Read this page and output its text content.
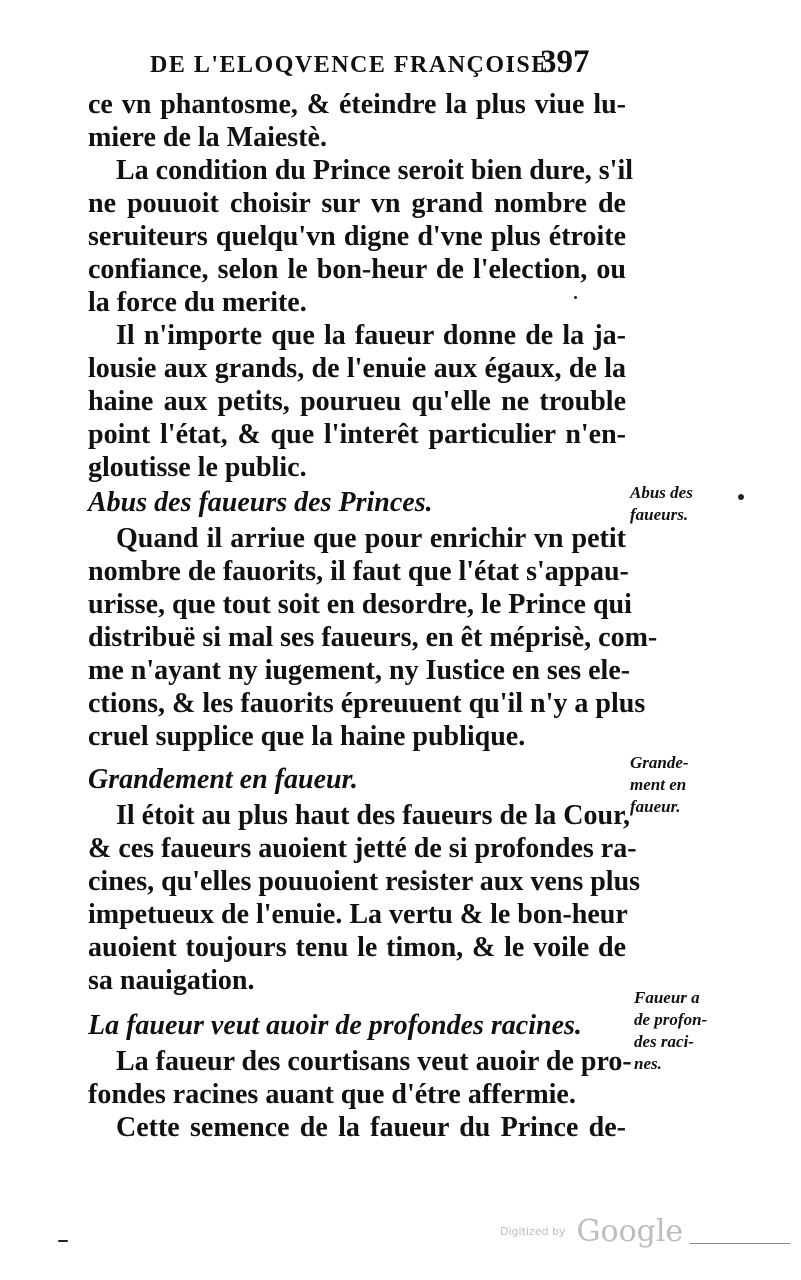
DE L'ELOQVENCE FRANÇOISE.
397
ce vn phantosme, & éteindre la plus viue lu-
miere de la Maiestè.
La condition du Prince seroit bien dure, s'il
ne pouuoit choisir sur vn grand nombre de
seruiteurs quelqu'vn digne d'vne plus étroite
confiance, selon le bon-heur de l'election, ou
la force du merite.
Il n'importe que la faueur donne de la ja-
lousie aux grands, de l'enuie aux égaux, de la
haine aux petits, pourueu qu'elle ne trouble
point l'état, & que l'interêt particulier n'en-
gloutisse le public.
Abus des faueurs des Princes.
Quand il arriue que pour enrichir vn petit
nombre de fauorits, il faut que l'état s'appau-
urisse, que tout soit en desordre, le Prince qui
distribuë si mal ses faueurs, en êt méprisè, com-
me n'ayant ny iugement, ny Iustice en ses ele-
ctions, & les fauorits épreuuent qu'il n'y a plus
cruel supplice que la haine publique.
Grandement en faueur.
Il étoit au plus haut des faueurs de la Cour,
& ces faueurs auoient jetté de si profondes ra-
cines, qu'elles pouuoient resister aux vens plus
impetueux de l'enuie. La vertu & le bon-heur
auoient toujours tenu le timon, & le voile de
sa nauigation.
La faueur veut auoir de profondes racines.
La faueur des courtisans veut auoir de pro-
fondes racines auant que d'étre affermie.
Cette semence de la faueur du Prince de-
Abus des
faueurs.
Grande-
ment en
faueur.
Faueur a
de profon-
des raci-
nes.
Digitized by Google
